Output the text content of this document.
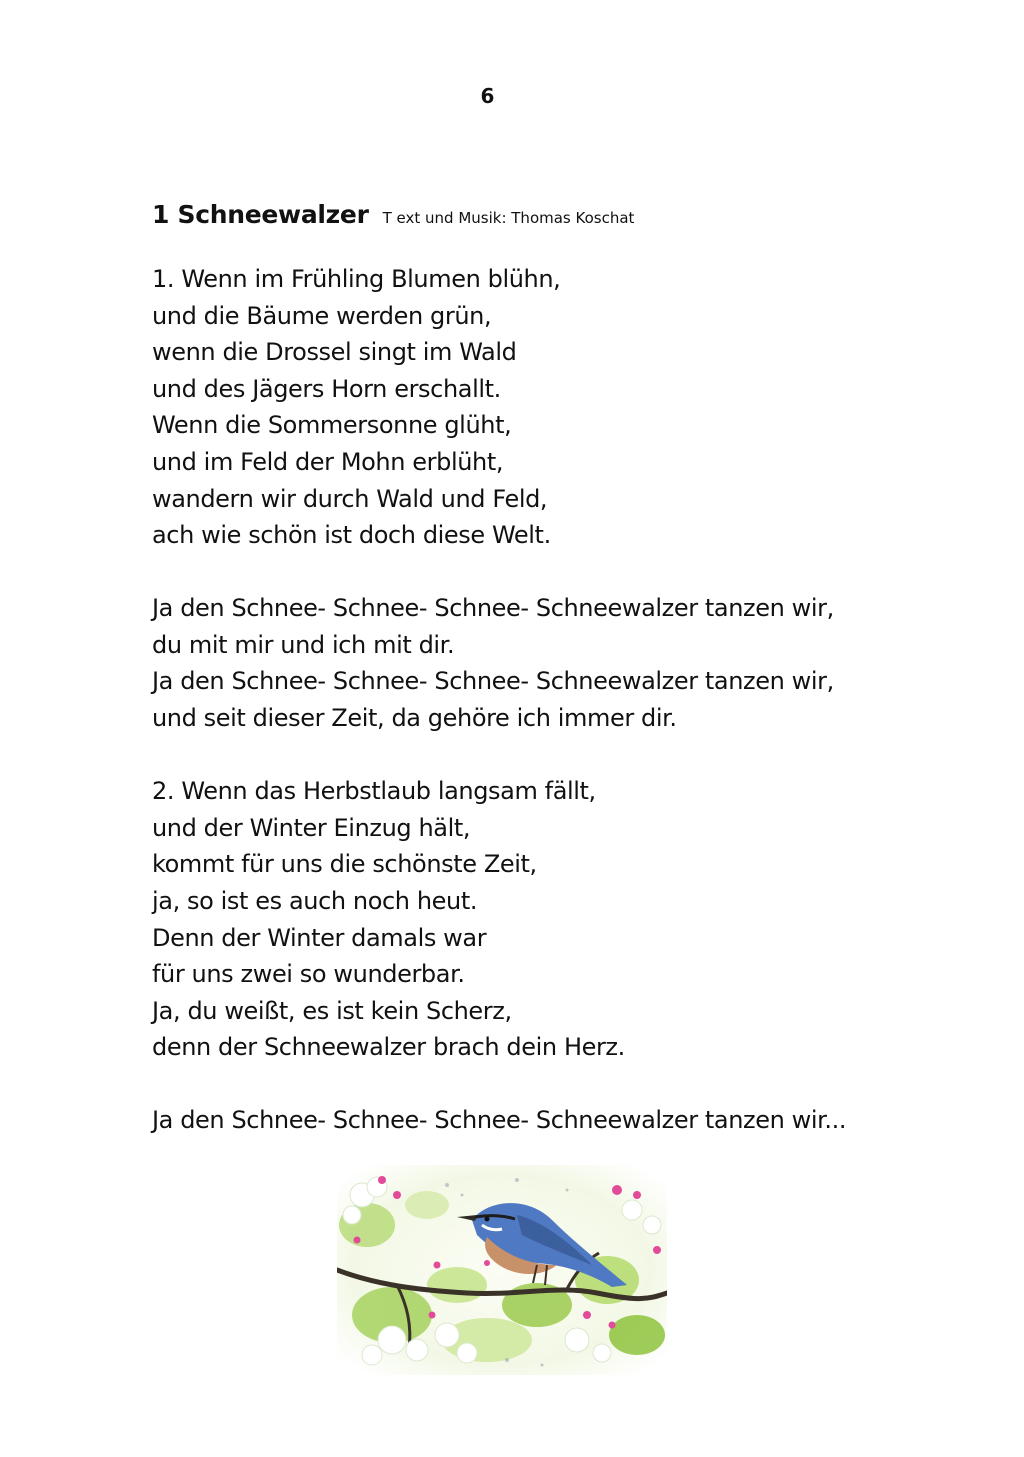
6
1 Schneewalzer T ext und Musik: Thomas Koschat
1. Wenn im Frühling Blumen blühn,
und die Bäume werden grün,
wenn die Drossel singt im Wald
und des Jägers Horn erschallt.
Wenn die Sommersonne glüht,
und im Feld der Mohn erblüht,
wandern wir durch Wald und Feld,
ach wie schön ist doch diese Welt.
Ja den Schnee- Schnee- Schnee- Schneewalzer tanzen wir,
du mit mir und ich mit dir.
Ja den Schnee- Schnee- Schnee- Schneewalzer tanzen wir,
und seit dieser Zeit, da gehöre ich immer dir.
2. Wenn das Herbstlaub langsam fällt,
und der Winter Einzug hält,
kommt für uns die schönste Zeit,
ja, so ist es auch noch heut.
Denn der Winter damals war
für uns zwei so wunderbar.
Ja, du weißt, es ist kein Scherz,
denn der Schneewalzer brach dein Herz.
Ja den Schnee- Schnee- Schnee- Schneewalzer tanzen wir...
